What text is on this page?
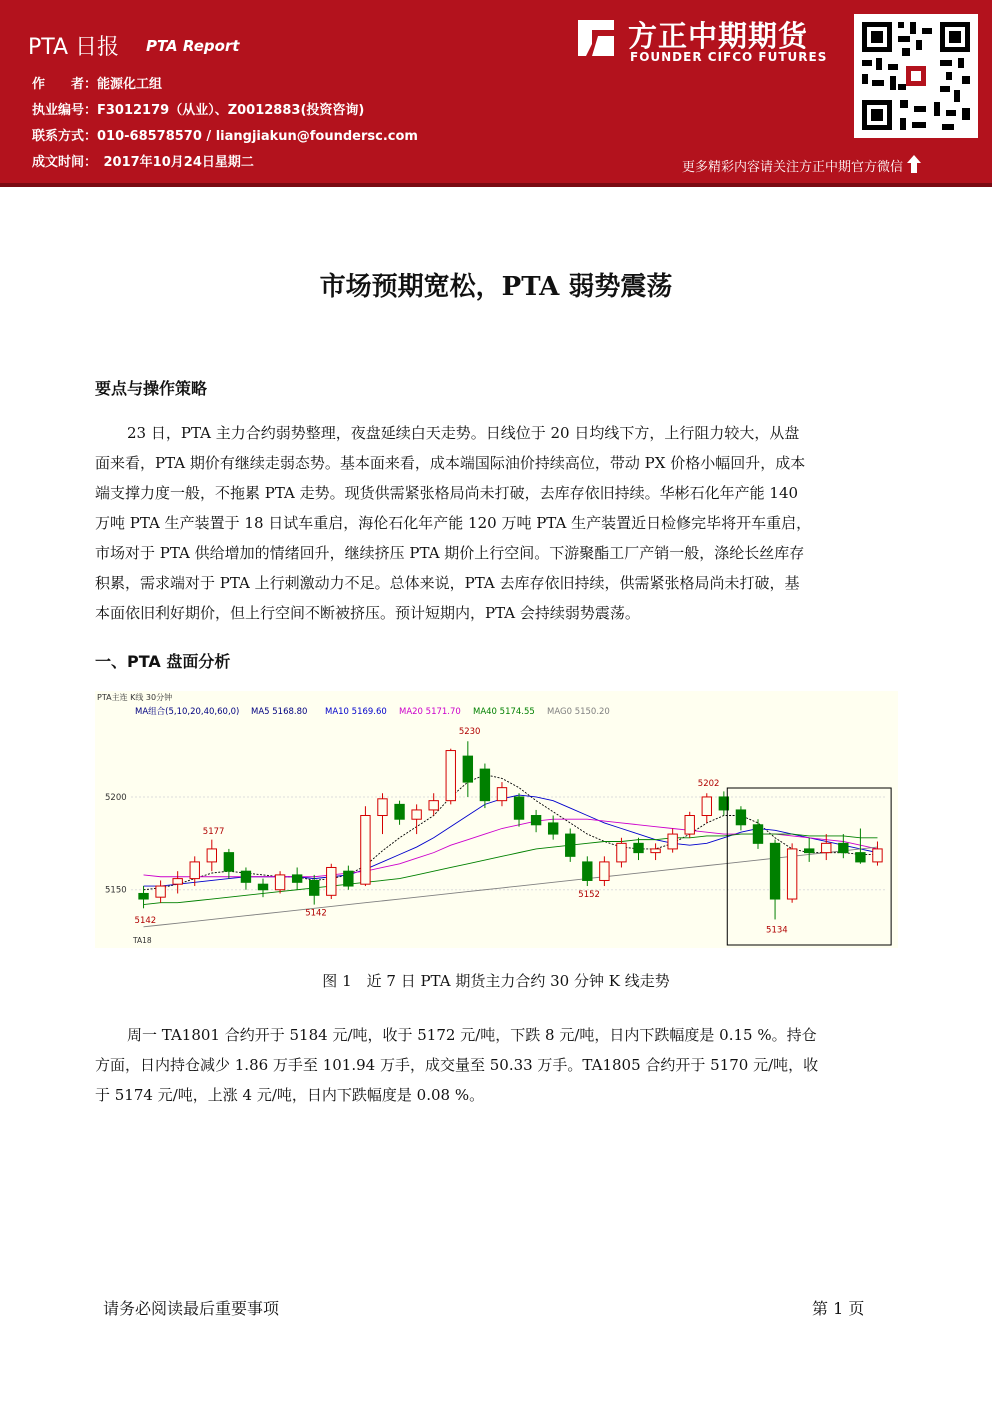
PTA 日报 PTA Report
作　　者：能源化工组
执业编号：F3012179（从业）、Z0012883(投资咨询)
联系方式：010-68578570 / liangjiakun@foundersc.com
成文时间：　2017年10月24日星期二
方正中期期货
FOUNDER CIFCO FUTURES
更多精彩内容请关注方正中期官方微信
市场预期宽松，PTA 弱势震荡
要点与操作策略
23 日，PTA 主力合约弱势整理，夜盘延续白天走势。日线位于 20 日均线下方，上行阻力较大，从盘
面来看，PTA 期价有继续走弱态势。基本面来看，成本端国际油价持续高位，带动 PX 价格小幅回升，成本
端支撑力度一般，不拖累 PTA 走势。现货供需紧张格局尚未打破，去库存依旧持续。华彬石化年产能 140
万吨 PTA 生产装置于 18 日试车重启，海伦石化年产能 120 万吨 PTA 生产装置近日检修完毕将开车重启，
市场对于 PTA 供给增加的情绪回升，继续挤压 PTA 期价上行空间。下游聚酯工厂产销一般，涤纶长丝库存
积累，需求端对于 PTA 上行刺激动力不足。总体来说，PTA 去库存依旧持续，供需紧张格局尚未打破，基
本面依旧利好期价，但上行空间不断被挤压。预计短期内，PTA 会持续弱势震荡。
一、PTA 盘面分析
PTA主连 K线 30分钟
MA组合(5,10,20,40,60,0) MA5 5168.80 MA10 5169.60 MA20 5171.70 MA40 5174.55 MAG0 5150.20
5150
5200
5230
5202
5152
5142
5134
5177
5142
TA18
图 1　近 7 日 PTA 期货主力合约 30 分钟 K 线走势
周一 TA1801 合约开于 5184 元/吨，收于 5172 元/吨，下跌 8 元/吨，日内下跌幅度是 0.15 %。持仓
方面，日内持仓减少 1.86 万手至 101.94 万手，成交量至 50.33 万手。TA1805 合约开于 5170 元/吨，收
于 5174 元/吨，上涨 4 元/吨，日内下跌幅度是 0.08 %。
请务必阅读最后重要事项	第 1 页
